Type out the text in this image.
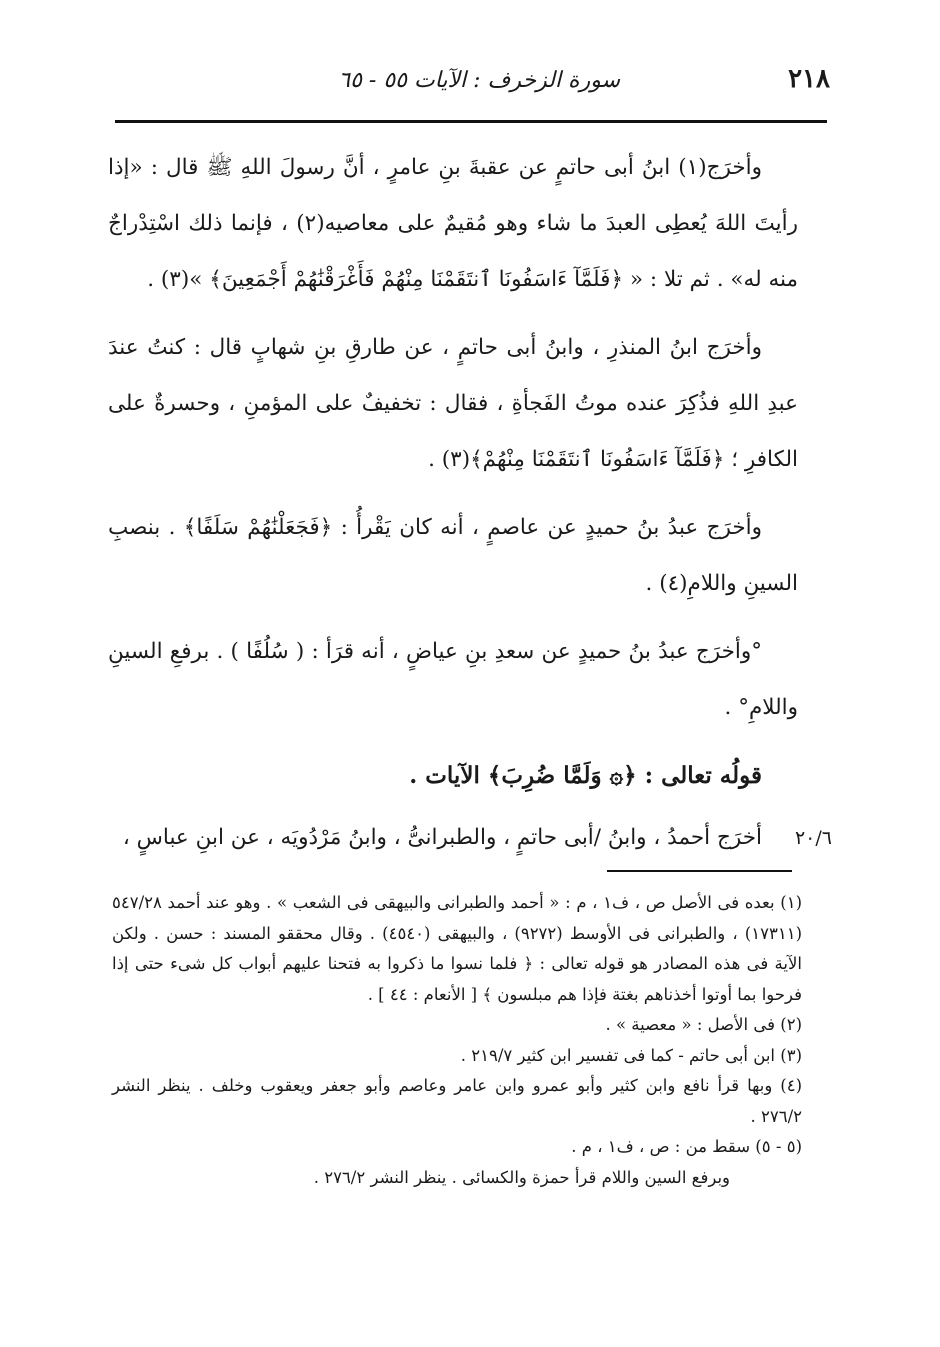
٢١٨
سورة الزخرف : الآيات ٥٥ - ٦٥

وأخرَج(١) ابنُ أبى حاتمٍ عن عقبةَ بنِ عامرٍ ، أنَّ رسولَ اللهِ ﷺ قال : «إذا رأيتَ اللهَ يُعطِى العبدَ ما شاء وهو مُقيمٌ على معاصيه(٢) ، فإنما ذلك اسْتِدْراجٌ منه له» . ثم تلا : « ﴿فَلَمَّآ ءَاسَفُونَا ٱنتَقَمْنَا مِنْهُمْ فَأَغْرَقْنَٰهُمْ أَجْمَعِينَ﴾ »(٣) .

وأخرَج ابنُ المنذرِ ، وابنُ أبى حاتمٍ ، عن طارقِ بنِ شهابٍ قال : كنتُ عندَ عبدِ اللهِ فذُكِرَ عنده موتُ الفَجأةِ ، فقال : تخفيفٌ على المؤمنِ ، وحسرةٌ على الكافرِ ؛ ﴿فَلَمَّآ ءَاسَفُونَا ٱنتَقَمْنَا مِنْهُمْ﴾(٣) .

وأخرَج عبدُ بنُ حميدٍ عن عاصمٍ ، أنه كان يَقْرأُ : ﴿فَجَعَلْنَٰهُمْ سَلَفًا﴾ . بنصبِ السينِ واللامِ(٤) .

°وأخرَج عبدُ بنُ حميدٍ عن سعدِ بنِ عياضٍ ، أنه قرَأ : ( سُلُفًا ) . برفعِ السينِ واللامِ° .

قولُه تعالى : ﴿۞ وَلَمَّا ضُرِبَ﴾ الآيات .

٢٠/٦
أخرَج أحمدُ ، وابنُ /أبى حاتمٍ ، والطبرانىُّ ، وابنُ مَرْدُويَه ، عن ابنِ عباسٍ ،

(١) بعده فى الأصل ص ، ف١ ، م : « أحمد والطبرانى والبيهقى فى الشعب » . وهو عند أحمد ٥٤٧/٢٨ (١٧٣١١) ، والطبرانى فى الأوسط (٩٢٧٢) ، والبيهقى (٤٥٤٠) . وقال محققو المسند : حسن . ولكن الآية فى هذه المصادر هو قوله تعالى : ﴿ فلما نسوا ما ذكروا به فتحنا عليهم أبواب كل شىء حتى إذا فرحوا بما أوتوا أخذناهم بغتة فإذا هم مبلسون ﴾ [ الأنعام : ٤٤ ] .

(٢) فى الأصل : « معصية » .

(٣) ابن أبى حاتم - كما فى تفسير ابن كثير ٢١٩/٧ .

(٤) وبها قرأ نافع وابن كثير وأبو عمرو وابن عامر وعاصم وأبو جعفر ويعقوب وخلف . ينظر النشر ٢٧٦/٢ .

(٥ - ٥) سقط من : ص ، ف١ ، م .

وبرفع السين واللام قرأ حمزة والكسائى . ينظر النشر ٢٧٦/٢ .
